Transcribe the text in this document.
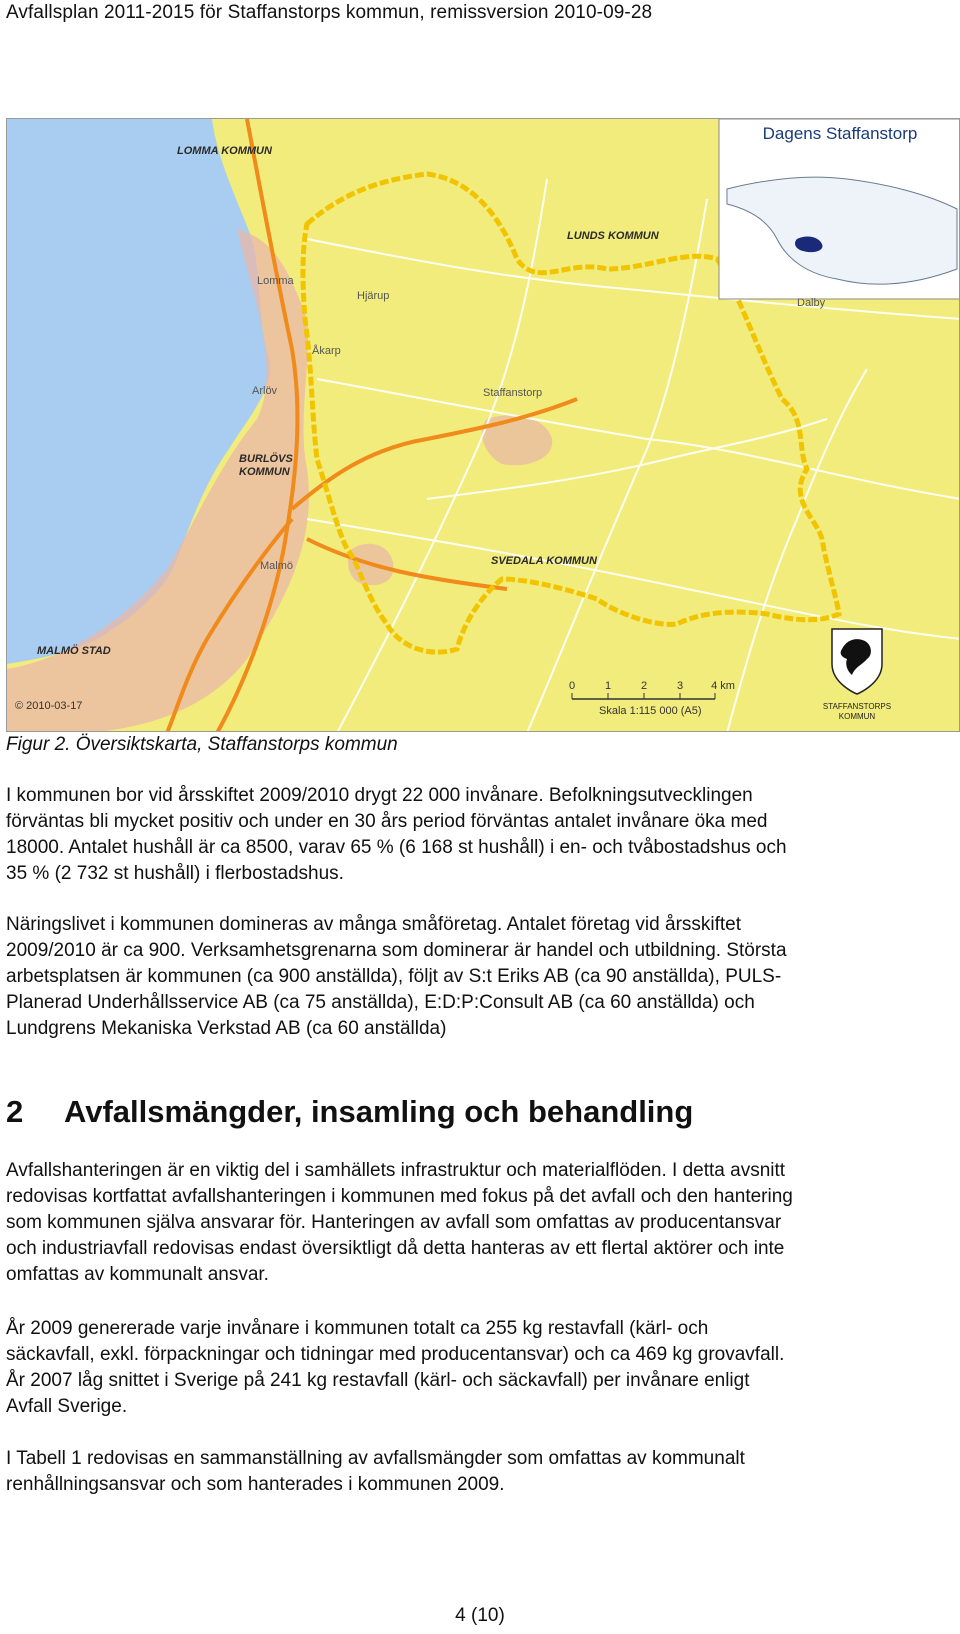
Avfallsplan 2011-2015 för Staffanstorps kommun, remissversion 2010-09-28
Dagens Staffanstorp
LOMMA KOMMUN
LUNDS KOMMUN
BURLÖVS
KOMMUN
SVEDALA KOMMUN
MALMÖ STAD
Lomma
Hjärup
Åkarp
Arlöv	Staffanstorp
Malmö
Dalby
© 2010-03-17
0	1	2	3	4 km
Skala 1:115 000 (A5)	STAFFANSTORPS
KOMMUN
Figur 2. Översiktskarta, Staffanstorps kommun
I kommunen bor vid årsskiftet 2009/2010 drygt 22 000 invånare. Befolkningsutvecklingen
förväntas bli mycket positiv och under en 30 års period förväntas antalet invånare öka med
18000. Antalet hushåll är ca 8500, varav 65 % (6 168 st hushåll) i en- och tvåbostadshus och
35 % (2 732 st hushåll) i flerbostadshus.
Näringslivet i kommunen domineras av många småföretag. Antalet företag vid årsskiftet
2009/2010 är ca 900. Verksamhetsgrenarna som dominerar är handel och utbildning. Största
arbetsplatsen är kommunen (ca 900 anställda), följt av S:t Eriks AB (ca 90 anställda), PULS-
Planerad Underhållsservice AB (ca 75 anställda), E:D:P:Consult AB (ca 60 anställda) och
Lundgrens Mekaniska Verkstad AB (ca 60 anställda)
2 Avfallsmängder, insamling och behandling
Avfallshanteringen är en viktig del i samhällets infrastruktur och materialflöden. I detta avsnitt
redovisas kortfattat avfallshanteringen i kommunen med fokus på det avfall och den hantering
som kommunen själva ansvarar för. Hanteringen av avfall som omfattas av producentansvar
och industriavfall redovisas endast översiktligt då detta hanteras av ett flertal aktörer och inte
omfattas av kommunalt ansvar.
År 2009 genererade varje invånare i kommunen totalt ca 255 kg restavfall (kärl- och
säckavfall, exkl. förpackningar och tidningar med producentansvar) och ca 469 kg grovavfall.
År 2007 låg snittet i Sverige på 241 kg restavfall (kärl- och säckavfall) per invånare enligt
Avfall Sverige.
I Tabell 1 redovisas en sammanställning av avfallsmängder som omfattas av kommunalt
renhållningsansvar och som hanterades i kommunen 2009.
4 (10)
